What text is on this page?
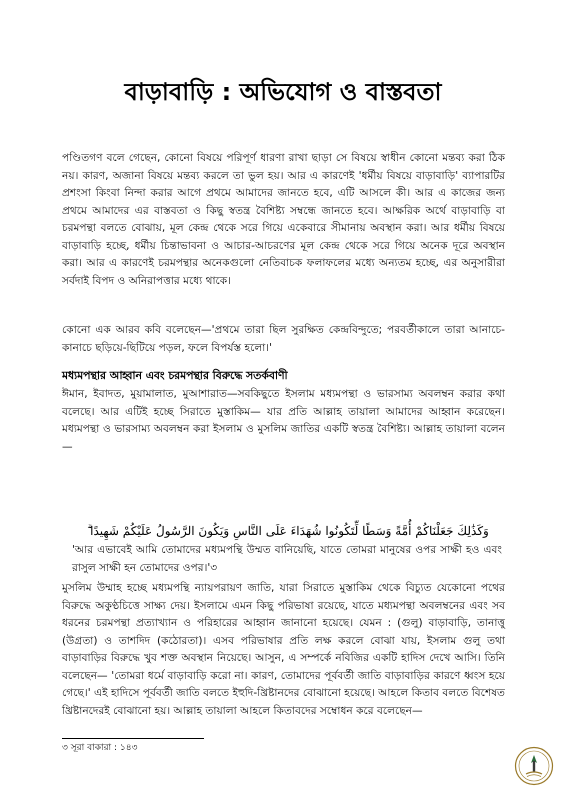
বাড়াবাড়ি : অভিযোগ ও বাস্তবতা

পণ্ডিতগণ বলে গেছেন, কোনো বিষয়ে পরিপূর্ণ ধারণা রাখা ছাড়া সে বিষয়ে স্বাধীন কোনো মন্তব্য করা ঠিক নয়। কারণ, অজানা বিষয়ে মন্তব্য করলে তা ভুল হয়। আর এ কারণেই 'ধর্মীয় বিষয়ে বাড়াবাড়ি' ব্যাপারটির প্রশংসা কিংবা নিন্দা করার আগে প্রথমে আমাদের জানতে হবে, এটি আসলে কী। আর এ কাজের জন্য প্রথমে আমাদের এর বাস্তবতা ও কিছু স্বতন্ত্র বৈশিষ্ট্য সম্বন্ধে জানতে হবে। আক্ষরিক অর্থে বাড়াবাড়ি বা চরমপন্থা বলতে বোঝায়, মূল কেন্দ্র থেকে সরে গিয়ে একেবারে সীমানায় অবস্থান করা। আর ধর্মীয় বিষয়ে বাড়াবাড়ি হচ্ছে, ধর্মীয় চিন্তাভাবনা ও আচার-আচরণের মূল কেন্দ্র থেকে সরে গিয়ে অনেক দূরে অবস্থান করা। আর এ কারণেই চরমপন্থার অনেকগুলো নেতিবাচক ফলাফলের মধ্যে অন্যতম হচ্ছে, এর অনুসারীরা সর্বদাই বিপদ ও অনিরাপত্তার মধ্যে থাকে।

কোনো এক আরব কবি বলেছেন—'প্রথমে তারা ছিল সুরক্ষিত কেন্দ্রবিন্দুতে; পরবর্তীকালে তারা আনাচে-কানাচে ছড়িয়ে-ছিটিয়ে পড়ল, ফলে বিপর্যস্ত হলো।'

মধ্যমপন্থার আহ্বান এবং চরমপন্থার বিরুদ্ধে সতর্কবাণী

ঈমান, ইবাদত, মুয়ামালাত, মুআশারাত—সবকিছুতে ইসলাম মধ্যমপন্থা ও ভারসাম্য অবলম্বন করার কথা বলেছে। আর এটিই হচ্ছে সিরাতে মুস্তাকিম— যার প্রতি আল্লাহ তায়ালা আমাদের আহ্বান করেছেন। মধ্যমপন্থা ও ভারসাম্য অবলম্বন করা ইসলাম ও মুসলিম জাতির একটি স্বতন্ত্র বৈশিষ্ট্য। আল্লাহ তায়ালা বলেন—

وَكَذَٰلِكَ جَعَلْنَاكُمْ أُمَّةً وَسَطًا لِّتَكُونُوا شُهَدَاءَ عَلَى النَّاسِ وَيَكُونَ الرَّسُولُ عَلَيْكُمْ شَهِيدًا ۗ

'আর এভাবেই আমি তোমাদের মধ্যমপন্থি উম্মত বানিয়েছি, যাতে তোমরা মানুষের ওপর সাক্ষী হও এবং রাসুল সাক্ষী হন তোমাদের ওপর।'৩

মুসলিম উম্মাহ হচ্ছে মধ্যমপন্থি ন্যায়পরায়ণ জাতি, যারা সিরাতে মুস্তাকিম থেকে বিচ্যুত যেকোনো পথের বিরুদ্ধে অকুণ্ঠচিত্তে সাক্ষ্য দেয়। ইসলামে এমন কিছু পরিভাষা রয়েছে, যাতে মধ্যমপন্থা অবলম্বনের এবং সব ধরনের চরমপন্থা প্রত্যাখ্যান ও পরিহারের আহ্বান জানানো হয়েছে। যেমন : (গুলু) বাড়াবাড়ি, তানাত্তু (উগ্রতা) ও তাশদিদ (কঠোরতা)। এসব পরিভাষার প্রতি লক্ষ করলে বোঝা যায়, ইসলাম গুলু তথা বাড়াবাড়ির বিরুদ্ধে খুব শক্ত অবস্থান নিয়েছে। আসুন, এ সম্পর্কে নবিজির একটি হাদিস দেখে আসি। তিনি বলেছেন— 'তোমরা ধর্মে বাড়াবাড়ি করো না। কারণ, তোমাদের পূর্ববর্তী জাতি বাড়াবাড়ির কারণে ধ্বংস হয়ে গেছে।' এই হাদিসে পূর্ববর্তী জাতি বলতে ইহুদি-খ্রিষ্টানদের বোঝানো হয়েছে। আহলে কিতাব বলতে বিশেষত খ্রিষ্টানদেরই বোঝানো হয়। আল্লাহ তায়ালা আহলে কিতাবদের সম্বোধন করে বলেছেন—

৩ সূরা বাকারা : ১৪৩
